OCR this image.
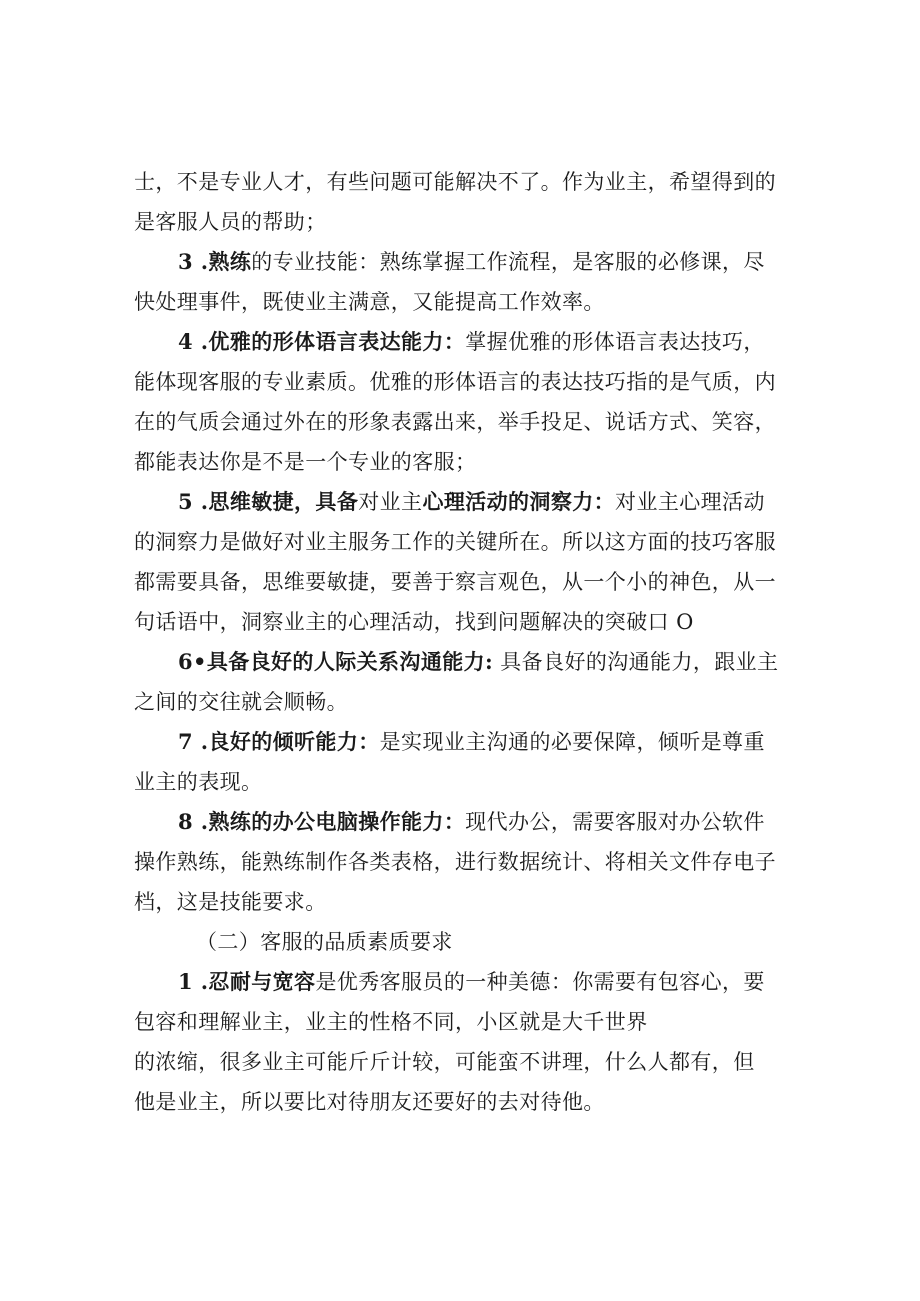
士，不是专业人才，有些问题可能解决不了。作为业主，希望得到的
是客服人员的帮助；
3 .熟练的专业技能：熟练掌握工作流程，是客服的必修课，尽
快处理事件，既使业主满意，又能提高工作效率。
4 .优雅的形体语言表达能力：掌握优雅的形体语言表达技巧，
能体现客服的专业素质。优雅的形体语言的表达技巧指的是气质，内
在的气质会通过外在的形象表露出来，举手投足、说话方式、笑容，
都能表达你是不是一个专业的客服；
5 .思维敏捷，具备对业主心理活动的洞察力：对业主心理活动
的洞察力是做好对业主服务工作的关键所在。所以这方面的技巧客服
都需要具备，思维要敏捷，要善于察言观色，从一个小的神色，从一
句话语中，洞察业主的心理活动，找到问题解决的突破口 O
6•具备良好的人际关系沟通能力: 具备良好的沟通能力，跟业主
之间的交往就会顺畅。
7 .良好的倾听能力：是实现业主沟通的必要保障，倾听是尊重
业主的表现。
8 .熟练的办公电脑操作能力：现代办公，需要客服对办公软件
操作熟练，能熟练制作各类表格，进行数据统计、将相关文件存电子
档，这是技能要求。
（二）客服的品质素质要求
1 .忍耐与宽容是优秀客服员的一种美德：你需要有包容心，要
包容和理解业主，业主的性格不同，小区就是大千世界
的浓缩，很多业主可能斤斤计较，可能蛮不讲理，什么人都有，但
他是业主，所以要比对待朋友还要好的去对待他。
